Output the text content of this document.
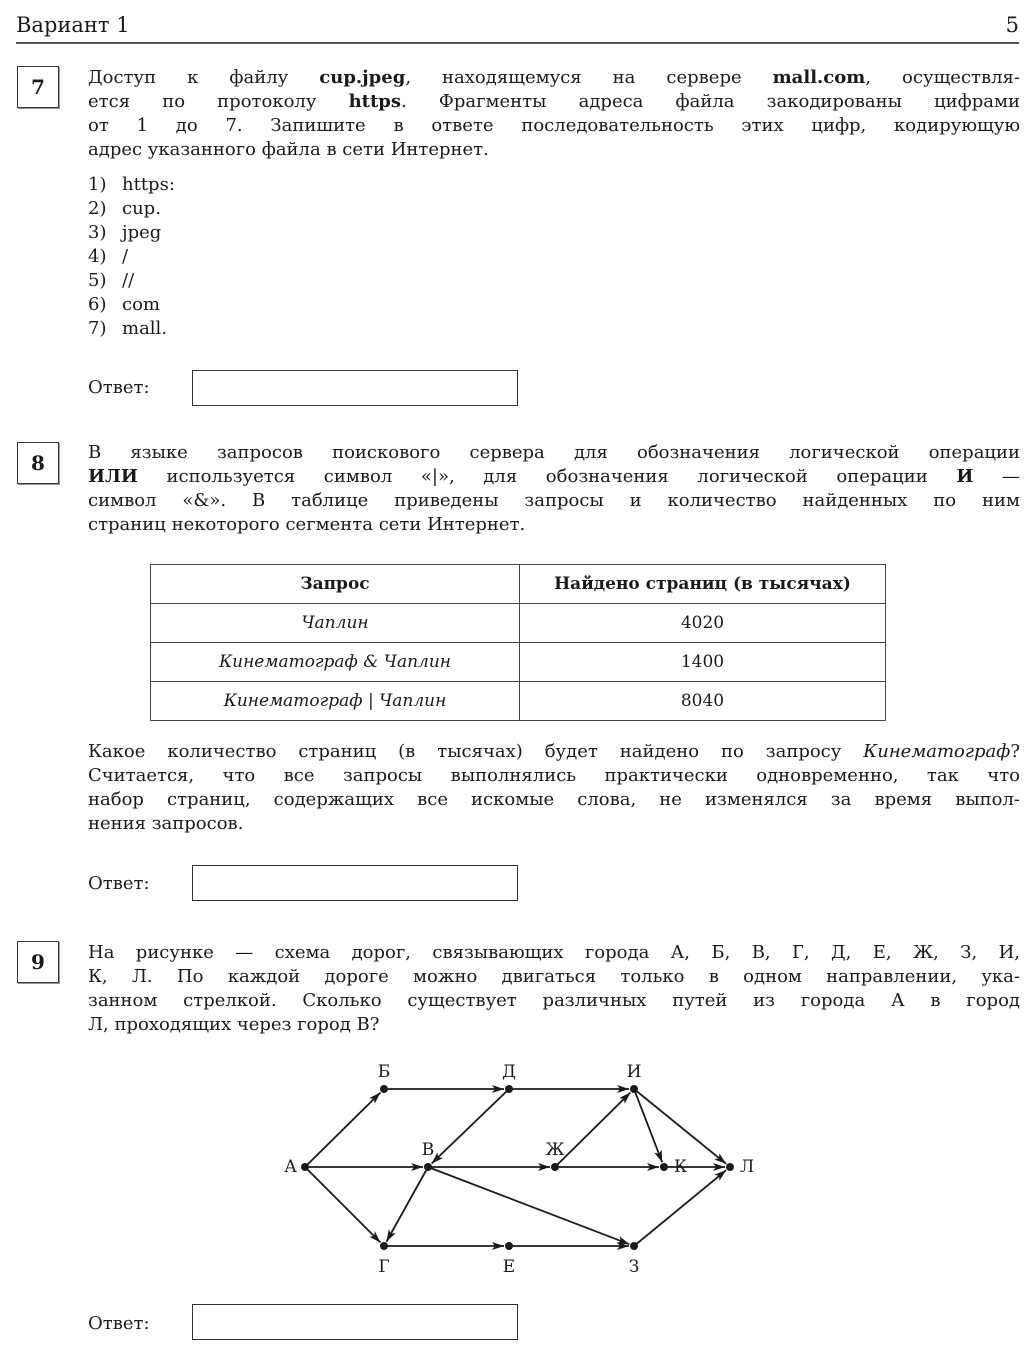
Вариант 1	5
7	Доступ к файлу cup.jpeg, находящемуся на сервере mall.com, осуществля-
ется по протоколу https. Фрагменты адреса файла закодированы цифрами
от 1 до 7. Запишите в ответе последовательность этих цифр, кодирующую
адрес указанного файла в сети Интернет.
1) https:
2) cup.
3) jpeg
4) /
5) //
6) com
7) mall.
Ответ:
8	В языке запросов поискового сервера для обозначения логической операции
ИЛИ используется символ «|», для обозначения логической операции И —
символ «&». В таблице приведены запросы и количество найденных по ним
страниц некоторого сегмента сети Интернет.
Запрос	Найдено страниц (в тысячах)
Чаплин	4020
Кинематограф & Чаплин	1400
Кинематограф | Чаплин	8040
Какое количество страниц (в тысячах) будет найдено по запросу Кинематограф?
Считается, что все запросы выполнялись практически одновременно, так что
набор страниц, содержащих все искомые слова, не изменялся за время выпол-
нения запросов.
Ответ:
9	На рисунке — схема дорог, связывающих города А, Б, В, Г, Д, Е, Ж, З, И,
К, Л. По каждой дороге можно двигаться только в одном направлении, ука-
занном стрелкой. Сколько существует различных путей из города А в город
Л, проходящих через город В?
А
Б
В
Г
Д
Е
Ж
З
И
К	Л
Ответ:
